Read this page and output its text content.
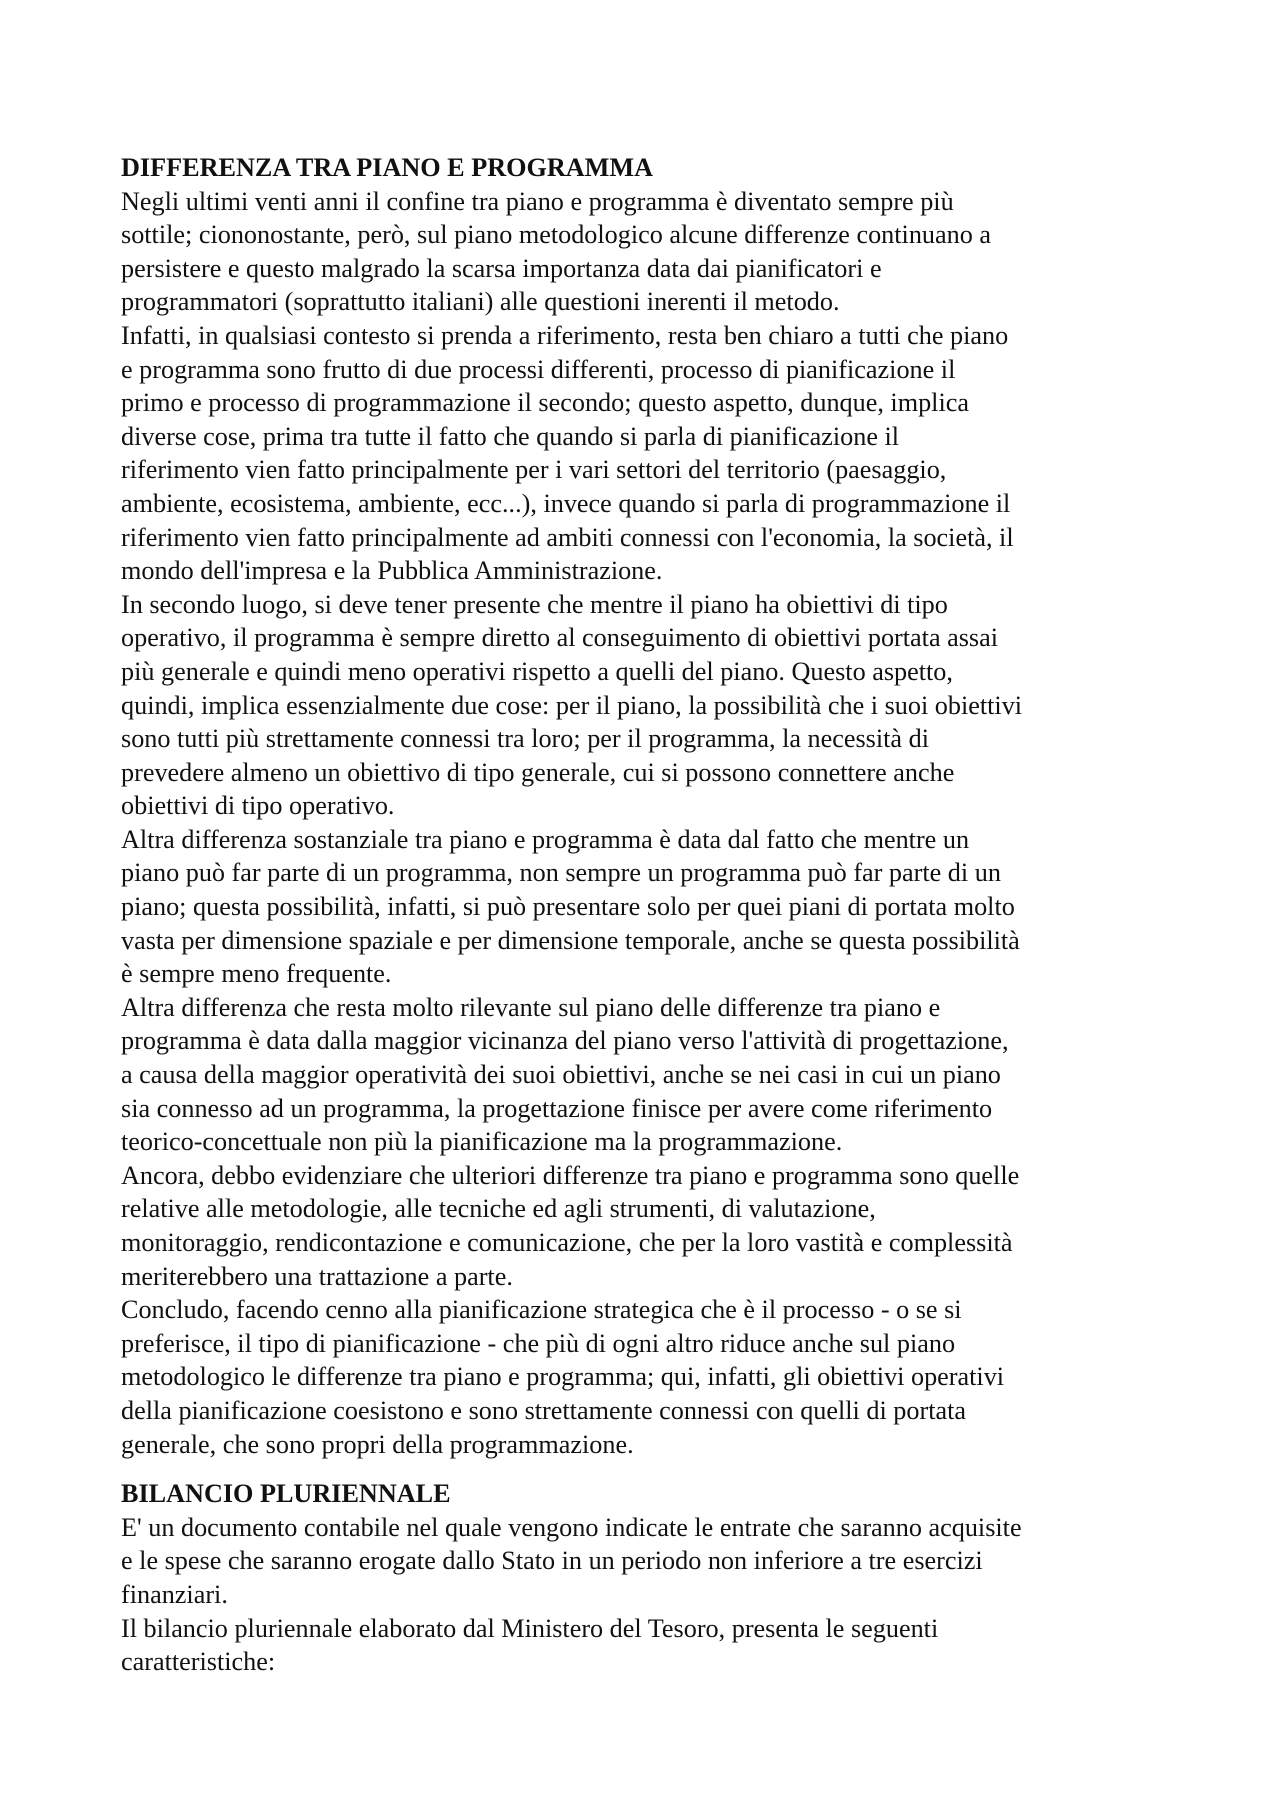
DIFFERENZA TRA PIANO E PROGRAMMA

Negli ultimi venti anni il confine tra piano e programma è diventato sempre più
sottile; ciononostante, però, sul piano metodologico alcune differenze continuano a
persistere e questo malgrado la scarsa importanza data dai pianificatori e
programmatori (soprattutto italiani) alle questioni inerenti il metodo.

Infatti, in qualsiasi contesto si prenda a riferimento, resta ben chiaro a tutti che piano
e programma sono frutto di due processi differenti, processo di pianificazione il
primo e processo di programmazione il secondo; questo aspetto, dunque, implica
diverse cose, prima tra tutte il fatto che quando si parla di pianificazione il
riferimento vien fatto principalmente per i vari settori del territorio (paesaggio,
ambiente, ecosistema, ambiente, ecc...), invece quando si parla di programmazione il
riferimento vien fatto principalmente ad ambiti connessi con l'economia, la società, il
mondo dell'impresa e la Pubblica Amministrazione.

In secondo luogo, si deve tener presente che mentre il piano ha obiettivi di tipo
operativo, il programma è sempre diretto al conseguimento di obiettivi portata assai
più generale e quindi meno operativi rispetto a quelli del piano. Questo aspetto,
quindi, implica essenzialmente due cose: per il piano, la possibilità che i suoi obiettivi
sono tutti più strettamente connessi tra loro; per il programma, la necessità di
prevedere almeno un obiettivo di tipo generale, cui si possono connettere anche
obiettivi di tipo operativo.

Altra differenza sostanziale tra piano e programma è data dal fatto che mentre un
piano può far parte di un programma, non sempre un programma può far parte di un
piano; questa possibilità, infatti, si può presentare solo per quei piani di portata molto
vasta per dimensione spaziale e per dimensione temporale, anche se questa possibilità
è sempre meno frequente.

Altra differenza che resta molto rilevante sul piano delle differenze tra piano e
programma è data dalla maggior vicinanza del piano verso l'attività di progettazione,
a causa della maggior operatività dei suoi obiettivi, anche se nei casi in cui un piano
sia connesso ad un programma, la progettazione finisce per avere come riferimento
teorico-concettuale non più la pianificazione ma la programmazione.

Ancora, debbo evidenziare che ulteriori differenze tra piano e programma sono quelle
relative alle metodologie, alle tecniche ed agli strumenti, di valutazione,
monitoraggio, rendicontazione e comunicazione, che per la loro vastità e complessità
meriterebbero una trattazione a parte.

Concludo, facendo cenno alla pianificazione strategica che è il processo - o se si
preferisce, il tipo di pianificazione - che più di ogni altro riduce anche sul piano
metodologico le differenze tra piano e programma; qui, infatti, gli obiettivi operativi
della pianificazione coesistono e sono strettamente connessi con quelli di portata
generale, che sono propri della programmazione.

BILANCIO PLURIENNALE

E' un documento contabile nel quale vengono indicate le entrate che saranno acquisite
e le spese che saranno erogate dallo Stato in un periodo non inferiore a tre esercizi
finanziari.

Il bilancio pluriennale elaborato dal Ministero del Tesoro, presenta le seguenti
caratteristiche:
